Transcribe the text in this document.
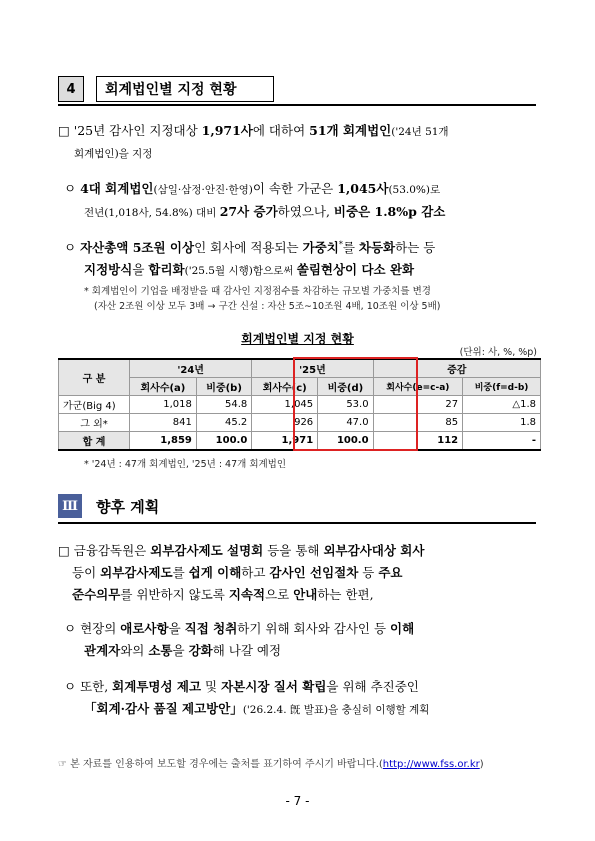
4	회계법인별 지정 현황
□ '25년 감사인 지정대상 1,971사에 대하여 51개 회계법인('24년 51개
회계법인)을 지정
ㅇ 4대 회계법인(삼일·삼정·안진·한영)이 속한 가군은 1,045사(53.0%)로
전년(1,018사, 54.8%) 대비 27사 증가하였으나, 비중은 1.8%p 감소
ㅇ 자산총액 5조원 이상인 회사에 적용되는 가중치*를 차등화하는 등
지정방식을 합리화('25.5월 시행)함으로써 쏠림현상이 다소 완화
* 회계법인이 기업을 배정받을 때 감사인 지정점수를 차감하는 규모별 가중치를 변경
(자산 2조원 이상 모두 3배 → 구간 신설 : 자산 5조∼10조원 4배, 10조원 이상 5배)
회계법인별 지정 현황
(단위: 사, %, %p)
구 분	'24년		'25년		증감	
	회사수(a)	비중(b)	회사수(c)	비중(d)	회사수(e=c-a)	비중(f=d-b)
가군(Big 4)	1,018	54.8	1,045	53.0	27	△1.8
그 외*	841	45.2	926	47.0	85	1.8
합 계	1,859	100.0	1,971	100.0	112	-
* '24년 : 47개 회계법인, '25년 : 47개 회계법인
Ⅲ 향후 계획
□ 금융감독원은 외부감사제도 설명회 등을 통해 외부감사대상 회사
등이 외부감사제도를 쉽게 이해하고 감사인 선임절차 등 주요
준수의무를 위반하지 않도록 지속적으로 안내하는 한편,
ㅇ 현장의 애로사항을 직접 청취하기 위해 회사와 감사인 등 이해
관계자와의 소통을 강화해 나갈 예정
ㅇ 또한, 회계투명성 제고 및 자본시장 질서 확립을 위해 추진중인
「회계·감사 품질 제고방안」('26.2.4. 旣 발표)을 충실히 이행할 계획
☞ 본 자료를 인용하여 보도할 경우에는 출처를 표기하여 주시기 바랍니다.(http://www.fss.or.kr)
- 7 -
